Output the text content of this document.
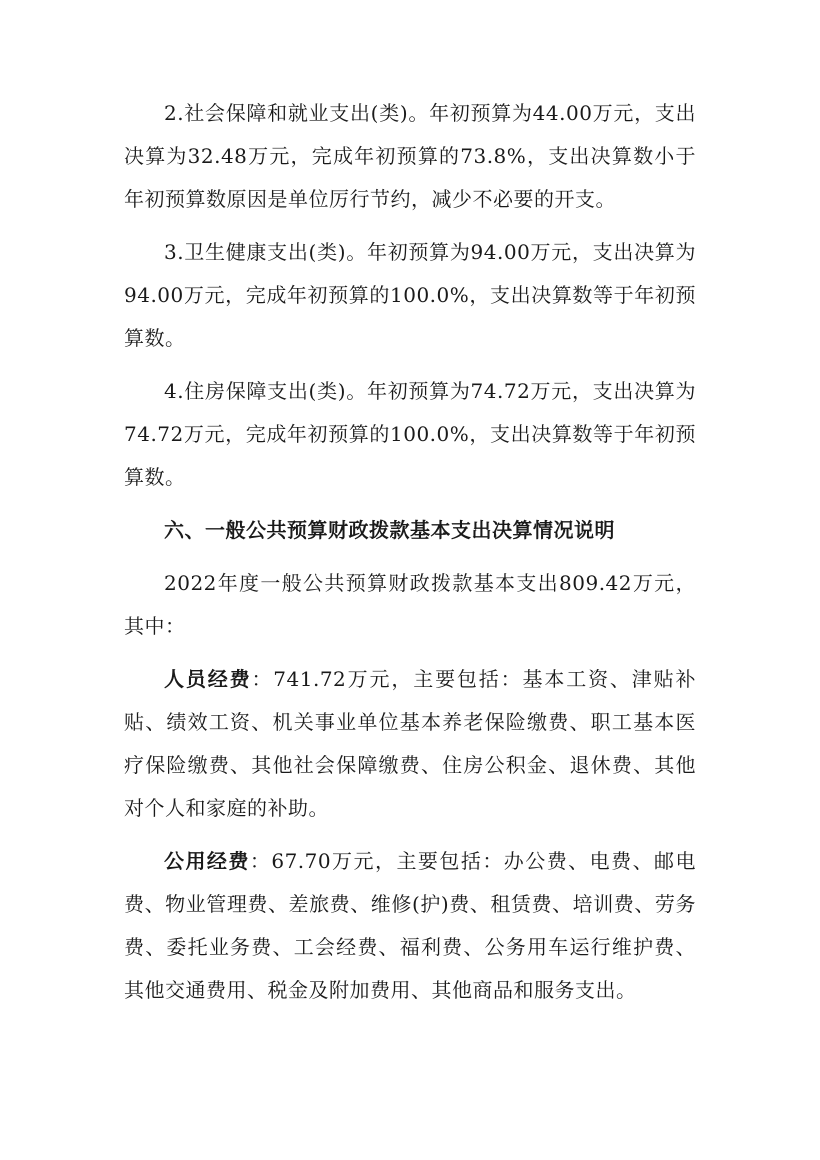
2.社会保障和就业支出(类)。年初预算为44.00万元，支出决算为32.48万元，完成年初预算的73.8%，支出决算数小于年初预算数原因是单位厉行节约，减少不必要的开支。

3.卫生健康支出(类)。年初预算为94.00万元，支出决算为94.00万元，完成年初预算的100.0%，支出决算数等于年初预算数。

4.住房保障支出(类)。年初预算为74.72万元，支出决算为74.72万元，完成年初预算的100.0%，支出决算数等于年初预算数。

六、一般公共预算财政拨款基本支出决算情况说明

2022年度一般公共预算财政拨款基本支出809.42万元，其中：

人员经费：741.72万元，主要包括：基本工资、津贴补贴、绩效工资、机关事业单位基本养老保险缴费、职工基本医疗保险缴费、其他社会保障缴费、住房公积金、退休费、其他对个人和家庭的补助。

公用经费：67.70万元，主要包括：办公费、电费、邮电费、物业管理费、差旅费、维修(护)费、租赁费、培训费、劳务费、委托业务费、工会经费、福利费、公务用车运行维护费、其他交通费用、税金及附加费用、其他商品和服务支出。
